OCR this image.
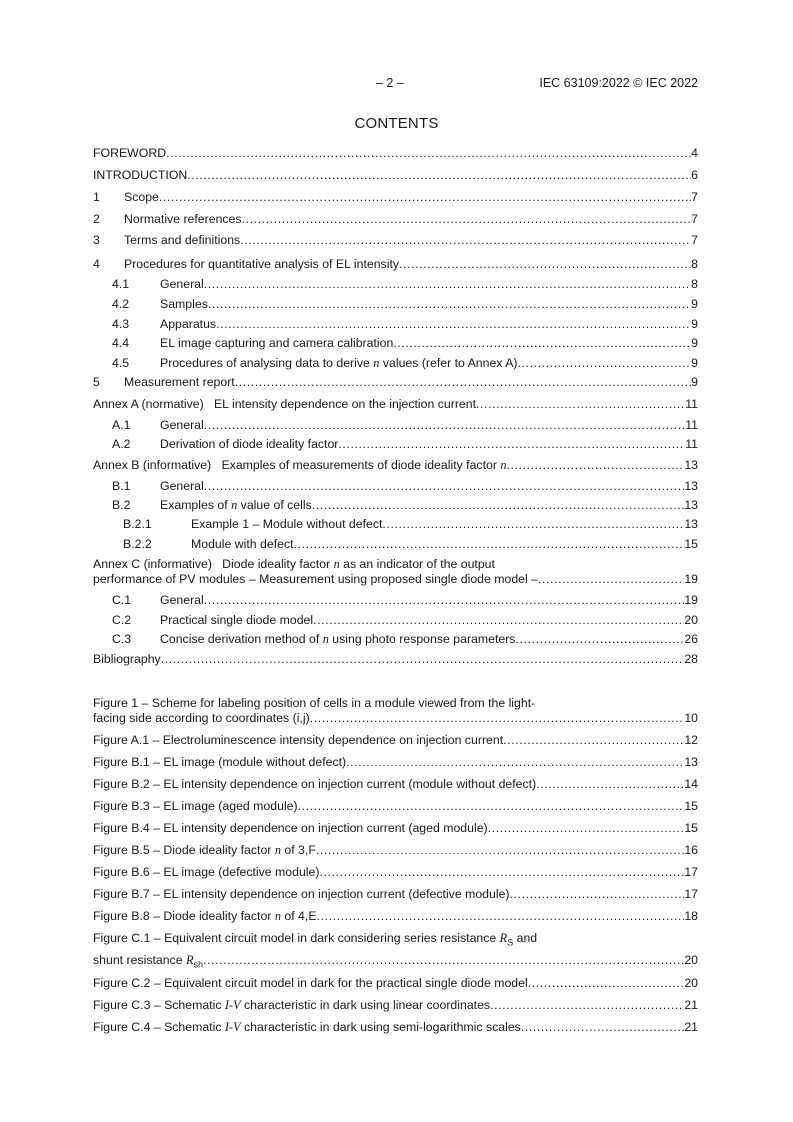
– 2 –	IEC 63109:2022 © IEC 2022
CONTENTS
FOREWORD .....	4
INTRODUCTION .....	6
1	Scope .....	7
2	Normative references .....	7
3	Terms and definitions .....	7
4	Procedures for quantitative analysis of EL intensity .....	8
4.1	General .....	8
4.2	Samples .....	9
4.3	Apparatus .....	9
4.4	EL image capturing and camera calibration .....	9
4.5	Procedures of analysing data to derive n values (refer to Annex A) .....	9
5	Measurement report .....	9
Annex A (normative)   EL intensity dependence on the injection current .....	11
A.1	General .....	11
A.2	Derivation of diode ideality factor .....	11
Annex B (informative)   Examples of measurements of diode ideality factor n .....	13
B.1	General .....	13
B.2	Examples of n value of cells .....	13
B.2.1	Example 1 – Module without defect .....	13
B.2.2	Module with defect .....	15
Annex C (informative)   Diode ideality factor n as an indicator of the output
performance of PV modules – Measurement using proposed single diode model – .....	19
C.1	General .....	19
C.2	Practical single diode model .....	20
C.3	Concise derivation method of n using photo response parameters .....	26
Bibliography .....	28
Figure 1 – Scheme for labeling position of cells in a module viewed from the light-
facing side according to coordinates (i,j) .....	10
Figure A.1 – Electroluminescence intensity dependence on injection current .....	12
Figure B.1 – EL image (module without defect) .....	13
Figure B.2 – EL intensity dependence on injection current (module without defect) .....	14
Figure B.3 – EL image (aged module) .....	15
Figure B.4 – EL intensity dependence on injection current (aged module) .....	15
Figure B.5 – Diode ideality factor n of 3,F .....	16
Figure B.6 – EL image (defective module) .....	17
Figure B.7 – EL intensity dependence on injection current (defective module) .....	17
Figure B.8 – Diode ideality factor n of 4,E .....	18
Figure C.1 – Equivalent circuit model in dark considering series resistance $R_S$ and
shunt resistance $R_{sh}$ .....	20
Figure C.2 – Equivalent circuit model in dark for the practical single diode model .....	20
Figure C.3 – Schematic I-V characteristic in dark using linear coordinates .....	21
Figure C.4 – Schematic I-V characteristic in dark using semi-logarithmic scales .....	21
